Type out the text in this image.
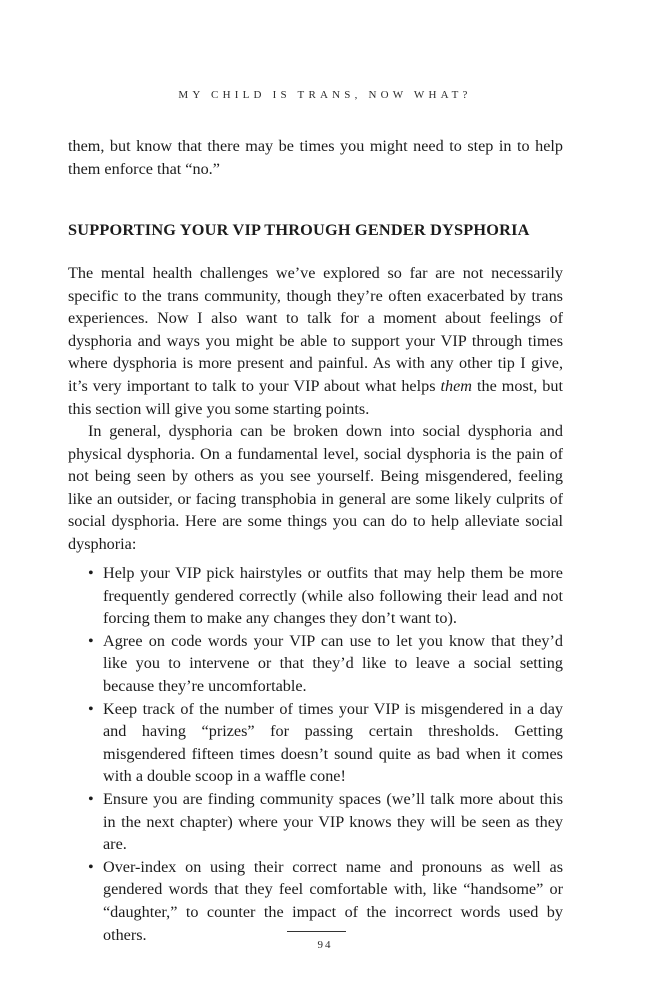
MY CHILD IS TRANS, NOW WHAT?

them, but know that there may be times you might need to step in to help them enforce that “no.”

SUPPORTING YOUR VIP THROUGH GENDER DYSPHORIA

The mental health challenges we’ve explored so far are not necessarily specific to the trans community, though they’re often exacerbated by trans experiences. Now I also want to talk for a moment about feelings of dysphoria and ways you might be able to support your VIP through times where dysphoria is more present and painful. As with any other tip I give, it’s very important to talk to your VIP about what helps them the most, but this section will give you some starting points.

In general, dysphoria can be broken down into social dysphoria and physical dysphoria. On a fundamental level, social dysphoria is the pain of not being seen by others as you see yourself. Being misgendered, feeling like an outsider, or facing transphobia in general are some likely culprits of social dysphoria. Here are some things you can do to help alleviate social dysphoria:

• Help your VIP pick hairstyles or outfits that may help them be more frequently gendered correctly (while also following their lead and not forcing them to make any changes they don’t want to).
• Agree on code words your VIP can use to let you know that they’d like you to intervene or that they’d like to leave a social setting because they’re uncomfortable.
• Keep track of the number of times your VIP is misgendered in a day and having “prizes” for passing certain thresholds. Getting misgendered fifteen times doesn’t sound quite as bad when it comes with a double scoop in a waffle cone!
• Ensure you are finding community spaces (we’ll talk more about this in the next chapter) where your VIP knows they will be seen as they are.
• Over-index on using their correct name and pronouns as well as gendered words that they feel comfortable with, like “handsome” or “daughter,” to counter the impact of the incorrect words used by others.

94
